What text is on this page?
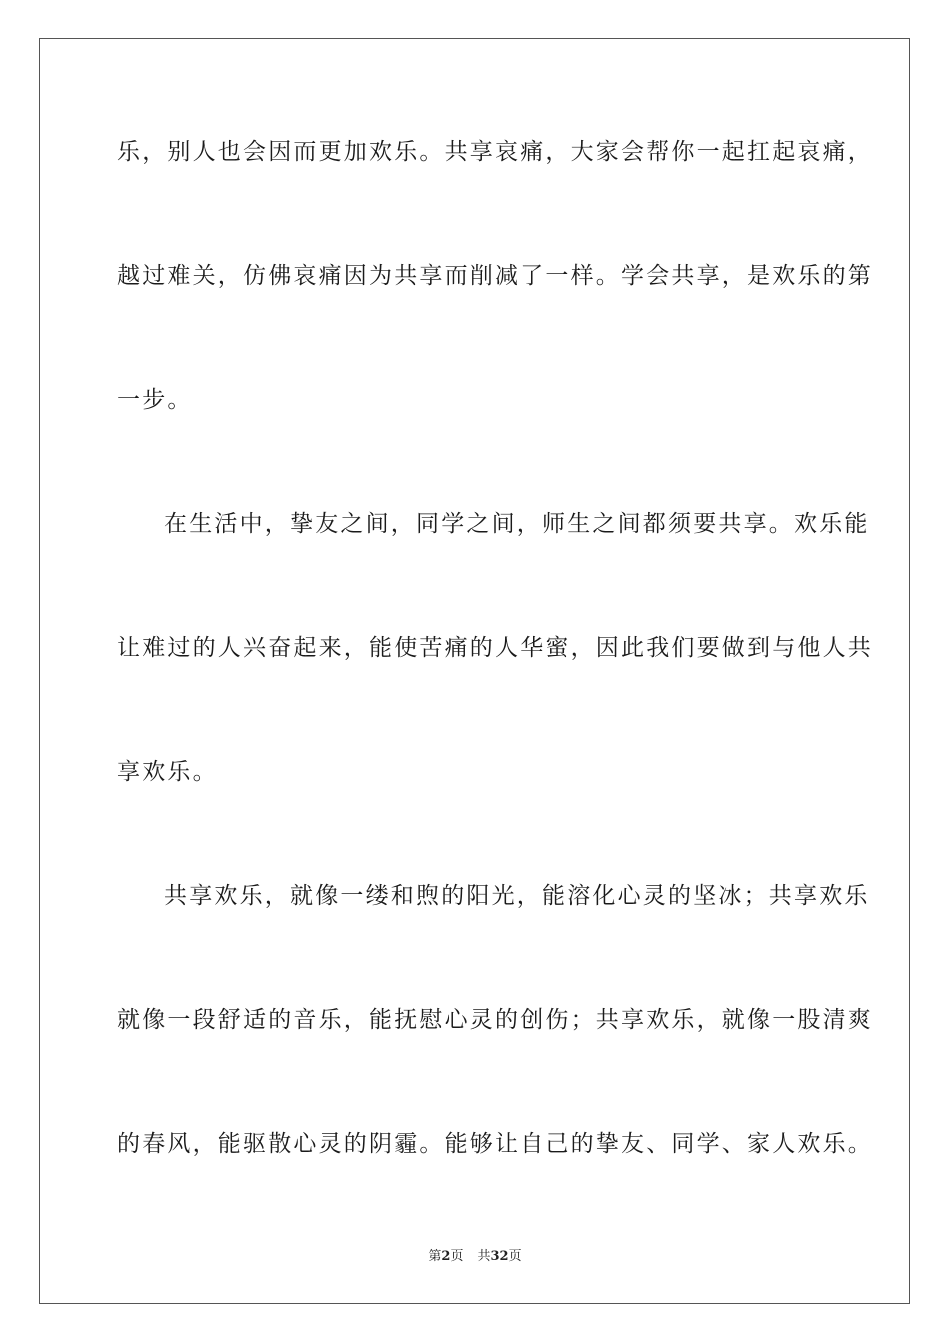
乐，别人也会因而更加欢乐。共享哀痛，大家会帮你一起扛起哀痛，
越过难关，仿佛哀痛因为共享而削减了一样。学会共享，是欢乐的第
一步。
在生活中，挚友之间，同学之间，师生之间都须要共享。欢乐能
让难过的人兴奋起来，能使苦痛的人华蜜，因此我们要做到与他人共
享欢乐。
共享欢乐，就像一缕和煦的阳光，能溶化心灵的坚冰；共享欢乐
就像一段舒适的音乐，能抚慰心灵的创伤；共享欢乐，就像一股清爽
的春风，能驱散心灵的阴霾。能够让自己的挚友、同学、家人欢乐。
第2页 共32页
